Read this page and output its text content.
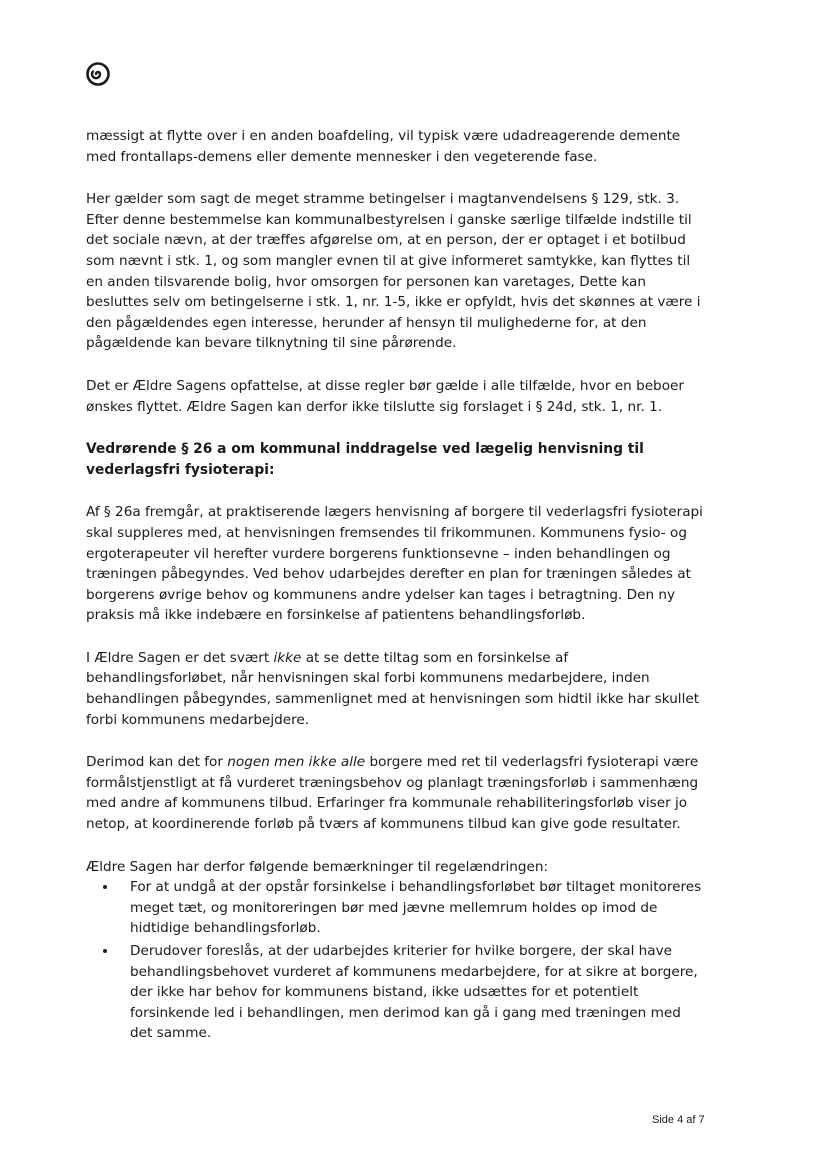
mæssigt at flytte over i en anden boafdeling, vil typisk være udadreagerende demente med frontallaps-demens eller demente mennesker i den vegeterende fase.

Her gælder som sagt de meget stramme betingelser i magtanvendelsens § 129, stk. 3. Efter denne bestemmelse kan kommunalbestyrelsen i ganske særlige tilfælde indstille til det sociale nævn, at der træffes afgørelse om, at en person, der er optaget i et botilbud som nævnt i stk. 1, og som mangler evnen til at give informeret samtykke, kan flyttes til en anden tilsvarende bolig, hvor omsorgen for personen kan varetages, Dette kan besluttes selv om betingelserne i stk. 1, nr. 1-5, ikke er opfyldt, hvis det skønnes at være i den pågældendes egen interesse, herunder af hensyn til mulighederne for, at den pågældende kan bevare tilknytning til sine pårørende.

Det er Ældre Sagens opfattelse, at disse regler bør gælde i alle tilfælde, hvor en beboer ønskes flyttet. Ældre Sagen kan derfor ikke tilslutte sig forslaget i § 24d, stk. 1, nr. 1.

Vedrørende § 26 a om kommunal inddragelse ved lægelig henvisning til vederlagsfri fysioterapi:

Af § 26a fremgår, at praktiserende lægers henvisning af borgere til vederlagsfri fysioterapi skal suppleres med, at henvisningen fremsendes til frikommunen. Kommunens fysio- og ergoterapeuter vil herefter vurdere borgerens funktionsevne – inden behandlingen og træningen påbegyndes. Ved behov udarbejdes derefter en plan for træningen således at borgerens øvrige behov og kommunens andre ydelser kan tages i betragtning. Den ny praksis må ikke indebære en forsinkelse af patientens behandlingsforløb.

I Ældre Sagen er det svært ikke at se dette tiltag som en forsinkelse af behandlingsforløbet, når henvisningen skal forbi kommunens medarbejdere, inden behandlingen påbegyndes, sammenlignet med at henvisningen som hidtil ikke har skullet forbi kommunens medarbejdere.

Derimod kan det for nogen men ikke alle borgere med ret til vederlagsfri fysioterapi være formålstjenstligt at få vurderet træningsbehov og planlagt træningsforløb i sammenhæng med andre af kommunens tilbud. Erfaringer fra kommunale rehabiliteringsforløb viser jo netop, at koordinerende forløb på tværs af kommunens tilbud kan give gode resultater.

Ældre Sagen har derfor følgende bemærkninger til regelændringen:

• For at undgå at der opstår forsinkelse i behandlingsforløbet bør tiltaget monitoreres meget tæt, og monitoreringen bør med jævne mellemrum holdes op imod de hidtidige behandlingsforløb.
• Derudover foreslås, at der udarbejdes kriterier for hvilke borgere, der skal have behandlingsbehovet vurderet af kommunens medarbejdere, for at sikre at borgere, der ikke har behov for kommunens bistand, ikke udsættes for et potentielt forsinkende led i behandlingen, men derimod kan gå i gang med træningen med det samme.
Side 4 af 7
